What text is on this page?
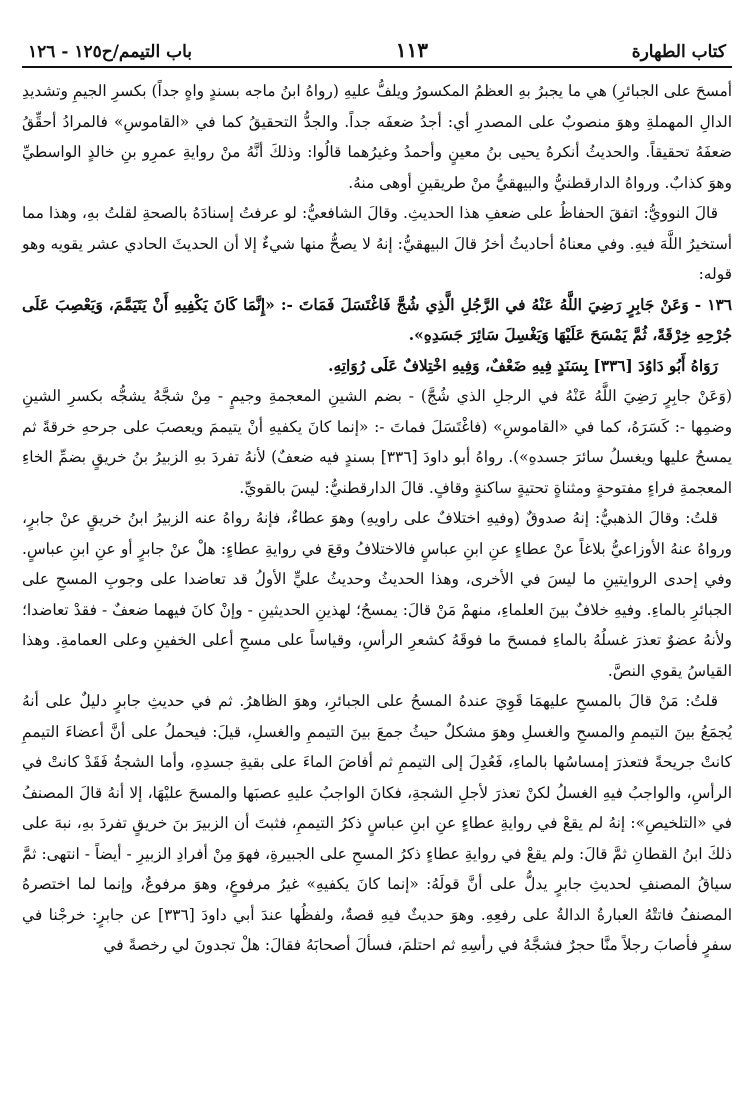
كتاب الطهارة
١١٣
باب التيمم/ح١٢٥ - ١٢٦

أمسحَ على الجبائرِ) هي ما يجبرُ بهِ العظمُ المكسورُ ويلفُّ عليهِ (رواهُ ابنُ ماجه بسندٍ واهٍ جداً) بكسرِ الجيمِ وتشديدِ الدالِ المهملةِ وهوَ منصوبٌ على المصدرِ أي: أجدُ ضعفَه جداً. والجدُّ التحقيقُ كما في «القاموسِ» فالمرادُ أحقِّقُ ضعفَهُ تحقيقاً. والحديثُ أنكرهُ يحيى بنُ معينٍ وأحمدُ وغيرُهما قالُوا: وذلكَ أنَّهُ منْ روايةِ عمرِو بنِ خالدٍ الواسطيِّ وهوَ كذابٌ. ورواهُ الدارقطنيُّ والبيهقيُّ منْ طريقينِ أوهى منهُ.

قالَ النوويُّ: اتفقَ الحفاظُ على ضعفِ هذا الحديثِ. وقالَ الشافعيُّ: لو عرفتُ إسنادَهُ بالصحةِ لقلتُ بهِ، وهذا مما أستخيرُ اللَّهَ فيهِ. وفي معناهُ أحاديثُ أخرُ قالَ البيهقيُّ: إنهُ لا يصحُّ منها شيءٌ إلا أن الحديثَ الحادي عشر يقويه وهو قوله:

١٣٦ - وَعَنْ جَابِرٍ رَضِيَ اللَّهُ عَنْهُ في الرَّجُلِ الَّذِي شُجَّ فَاغْتَسَلَ فَمَاتَ -: «إِنَّمَا كَانَ يَكْفِيهِ أَنْ يَتَيَمَّمَ، وَيَعْصِبَ عَلَى جُرْحِهِ خِرْقَةً، ثُمَّ يَمْسَحَ عَلَيْهَا وَيَغْسِلَ سَائِرَ جَسَدِهِ».

رَوَاهُ أَبُو دَاوُدَ [٣٣٦] بِسَنَدٍ فِيهِ ضَعْفٌ، وَفِيهِ اخْتِلافٌ عَلَى رُوَاتِهِ.

(وَعَنْ جابِرٍ رَضِيَ اللَّهُ عَنْهُ في الرجلِ الذي شُجَّ) - بضم الشينِ المعجمةِ وجيمٍ - مِنْ شجَّهُ يشجُّه بكسرِ الشينِ وضمِها -: كَسَرَهُ، كما في «القاموسِ» (فاغْتَسَلَ فماتَ -: «إنما كانَ يكفيهِ أنْ يتيممَ ويعصبَ على جرحهِ خرقةً ثم يمسحُ عليها ويغسلُ سائرَ جسدهِ»). رواهُ أبو داودَ [٣٣٦] بسندٍ فيه ضعفٌ) لأنهُ تفردَ بهِ الزبيرُ بنُ خريقٍ بضمِّ الخاءِ المعجمةِ فراءٍ مفتوحةٍ ومثناةٍ تحتيةٍ ساكنةٍ وقافٍ. قالَ الدارقطنيُّ: ليسَ بالقويِّ.

قلتُ: وقالَ الذهبيُّ: إنهُ صدوقٌ (وفيهِ اختلافٌ على راويهِ) وهوَ عطاءٌ، فإنهُ رواهُ عنه الزبيرُ ابنُ خريقٍ عنْ جابرٍ، ورواهُ عنهُ الأوزاعيُّ بلاغاً عنْ عطاءٍ عنِ ابنِ عباسٍ فالاختلافُ وقعَ في روايةِ عطاءٍ: هلْ عنْ جابرٍ أو عنِ ابنِ عباسٍ. وفي إحدى الروايتينِ ما ليسَ في الأخرى، وهذا الحديثُ وحديثُ عليٍّ الأولُ قد تعاضدا على وجوبِ المسحِ على الجبائرِ بالماءِ. وفيهِ خلافٌ بينَ العلماءِ، منهمْ مَنْ قالَ: يمسحُ؛ لهذينِ الحديثينِ - وإنْ كانَ فيهما ضعفٌ - فقدْ تعاضدا؛ ولأنهُ عضوٌ تعذرَ غسلُهُ بالماءِ فمسحَ ما فوقَهُ كشعرِ الرأسِ، وقياساً على مسحِ أعلى الخفينِ وعلى العمامةِ. وهذا القياسُ يقوي النصَّ.

قلتُ: مَنْ قالَ بالمسحِ عليهمَا قَوِيَ عندهُ المسحُ على الجبائرِ، وهوَ الظاهرُ. ثم في حديثِ جابرٍ دليلٌ على أنهُ يُجمَعُ بينَ التيممِ والمسحِ والغسلِ وهوَ مشكلٌ حيثُ جمعَ بينَ التيممِ والغسلِ، قيلَ: فيحملُ على أنَّ أعضاءَ التيممِ كانتْ جريحةً فتعذرَ إمساسُها بالماءِ، فَعُدِلَ إلى التيممِ ثم أفاضَ الماءَ على بقيةِ جسدِهِ، وأما الشجةُ فَقَدْ كانتْ في الرأسِ، والواجبُ فيهِ الغسلُ لكنْ تعذرَ لأجلِ الشجةِ، فكانَ الواجبُ عليهِ عصبَها والمسحَ عليْهَا، إلا أنهُ قالَ المصنفُ في «التلخيصِ»: إنهُ لم يقعْ في روايةِ عطاءٍ عنِ ابنِ عباسٍ ذكرُ التيممِ، فثبتَ أن الزبيرَ بنَ خريقٍ تفردَ بهِ، نبهَ على ذلكَ ابنُ القطانِ ثمَّ قالَ: ولم يقعْ في روايةِ عطاءٍ ذكرُ المسحِ على الجبيرةِ، فهوَ مِنْ أفرادِ الزبيرِ - أيضاً - انتهى: ثمَّ سياقُ المصنفِ لحديثِ جابرٍ يدلُّ على أنَّ قولَهُ: «إنما كانَ يكفيهِ» غيرُ مرفوعٍ، وهوَ مرفوعٌ، وإنما لما اختصرهُ المصنفُ فاتتْهُ العبارةُ الدالةُ على رفعِهِ. وهوَ حديثٌ فيهِ قصةٌ، ولفظُها عندَ أبي داودَ [٣٣٦] عن جابرٍ: خرجْنا في سفرٍ فأصابَ رجلاً منَّا حجرٌ فشجَّهُ في رأسِهِ ثم احتلمَ، فسألَ أصحابَهُ فقالَ: هلْ تجدونَ لي رخصةً في
